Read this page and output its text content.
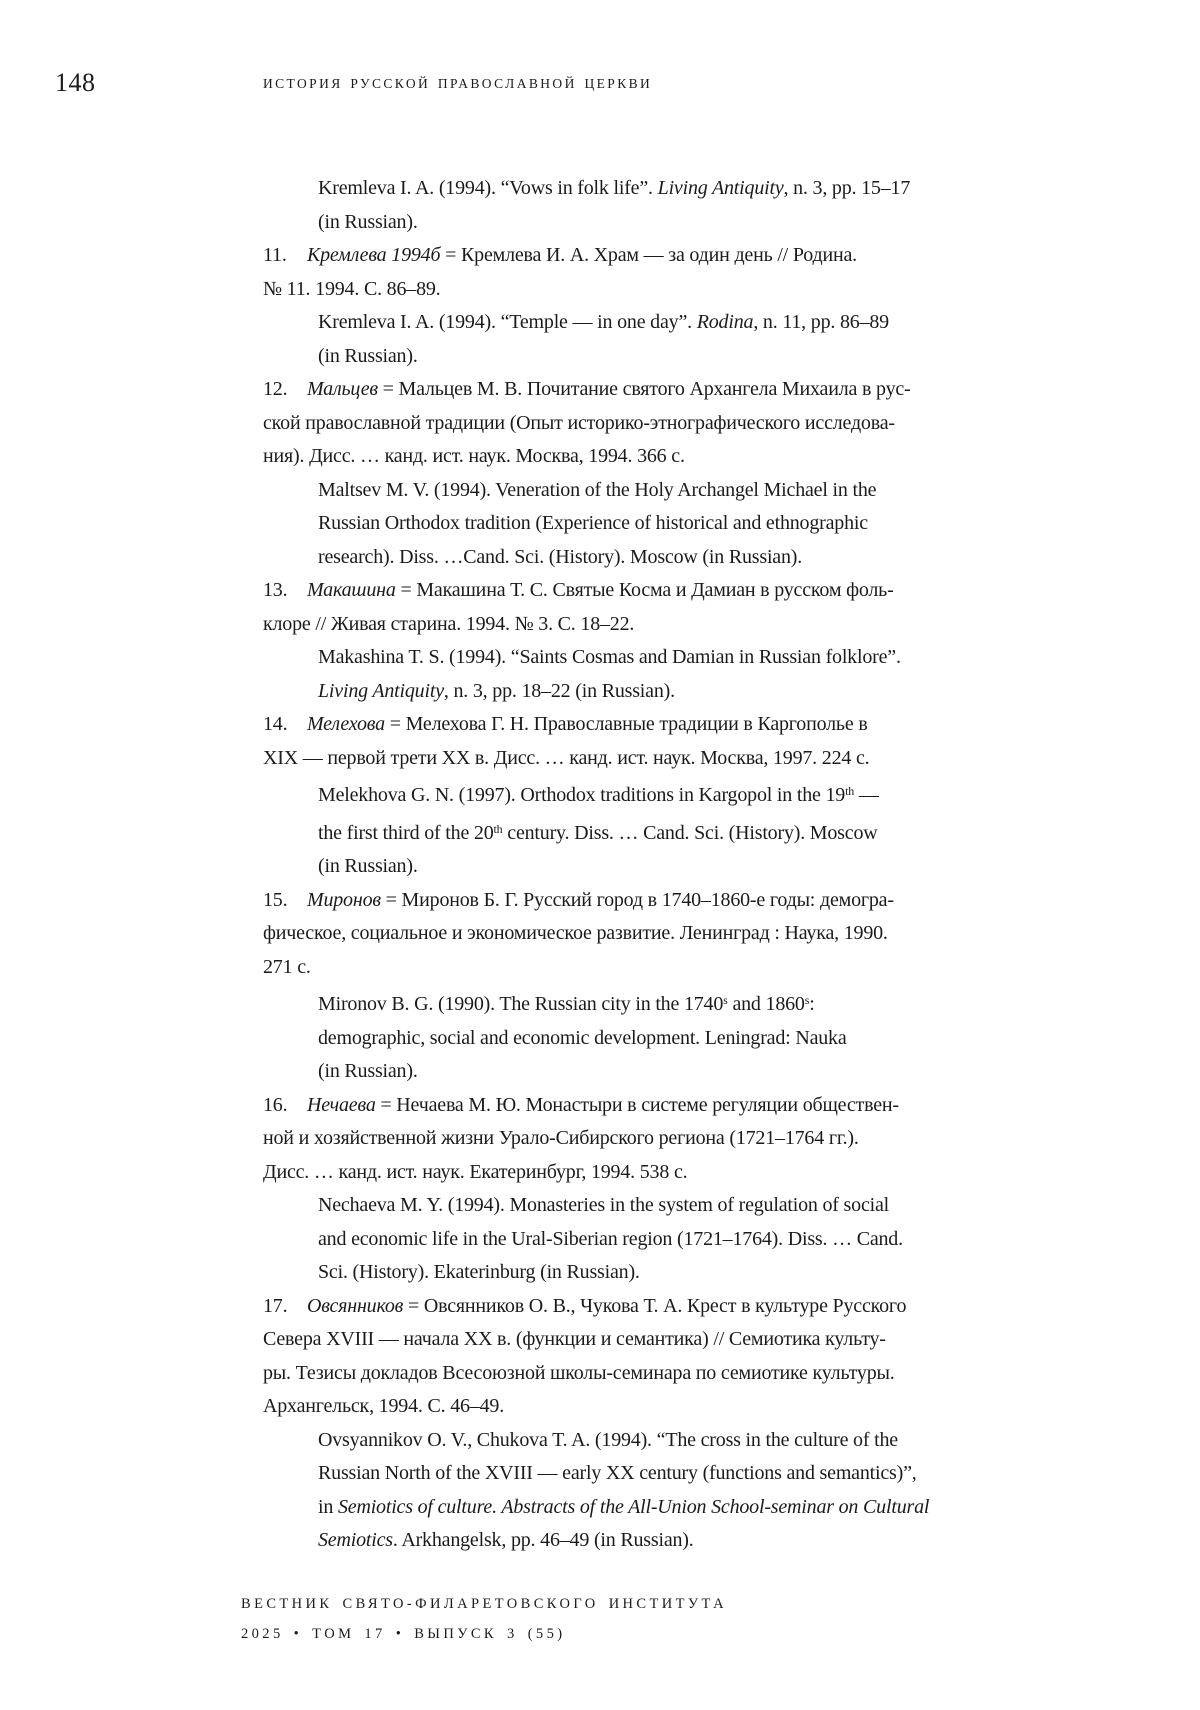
148	ИСТОРИЯ РУССКОЙ ПРАВОСЛАВНОЙ ЦЕРКВИ
Kremleva I. A. (1994). “Vows in folk life”. Living Antiquity, n. 3, pp. 15–17
(in Russian).
11. Кремлева 1994б = Кремлева И. А. Храм — за один день // Родина.
№ 11. 1994. С. 86–89.
Kremleva I. A. (1994). “Temple — in one day”. Rodina, n. 11, pp. 86–89
(in Russian).
12. Мальцев = Мальцев М. В. Почитание святого Архангела Михаила в рус-
ской православной традиции (Опыт историко-этнографического исследова-
ния). Дисс. … канд. ист. наук. Москва, 1994. 366 с.
Maltsev M. V. (1994). Veneration of the Holy Archangel Michael in the
Russian Orthodox tradition (Experience of historical and ethnographic
research). Diss. …Cand. Sci. (History). Moscow (in Russian).
13. Макашина = Макашина Т. С. Святые Косма и Дамиан в русском фоль-
клоре // Живая старина. 1994. № 3. С. 18–22.
Makashina T. S. (1994). “Saints Cosmas and Damian in Russian folklore”.
Living Antiquity, n. 3, pp. 18–22 (in Russian).
14. Мелехова = Мелехова Г. Н. Православные традиции в Каргополье в
XIX — первой трети XX в. Дисс. … канд. ист. наук. Москва, 1997. 224 с.
Melekhova G. N. (1997). Orthodox traditions in Kargopol in the 19th —
the first third of the 20th century. Diss. … Cand. Sci. (History). Moscow
(in Russian).
15. Миронов = Миронов Б. Г. Русский город в 1740–1860-е годы: демогра-
фическое, социальное и экономическое развитие. Ленинград : Наука, 1990.
271 с.
Mironov B. G. (1990). The Russian city in the 1740$^s$ and 1860$^s$:
demographic, social and economic development. Leningrad: Nauka
(in Russian).
16. Нечаева = Нечаева М. Ю. Монастыри в системе регуляции обществен-
ной и хозяйственной жизни Урало-Сибирского региона (1721–1764 гг.).
Дисс. … канд. ист. наук. Екатеринбург, 1994. 538 с.
Nechaeva M. Y. (1994). Monasteries in the system of regulation of social
and economic life in the Ural-Siberian region (1721–1764). Diss. … Cand.
Sci. (History). Ekaterinburg (in Russian).
17. Овсянников = Овсянников О. В., Чукова Т. А. Крест в культуре Русского
Севера XVIII — начала XX в. (функции и семантика) // Семиотика культу-
ры. Тезисы докладов Всесоюзной школы-семинара по семиотике культуры.
Архангельск, 1994. С. 46–49.
Ovsyannikov O. V., Chukova T. A. (1994). “The cross in the culture of the
Russian North of the XVIII — early XX century (functions and semantics)”,
in Semiotics of culture. Abstracts of the All-Union School-seminar on Cultural
Semiotics. Arkhangelsk, pp. 46–49 (in Russian).
ВЕСТНИК СВЯТО-ФИЛАРЕТОВСКОГО ИНСТИТУТА
2025 • ТОМ 17 • ВЫПУСК 3 (55)
